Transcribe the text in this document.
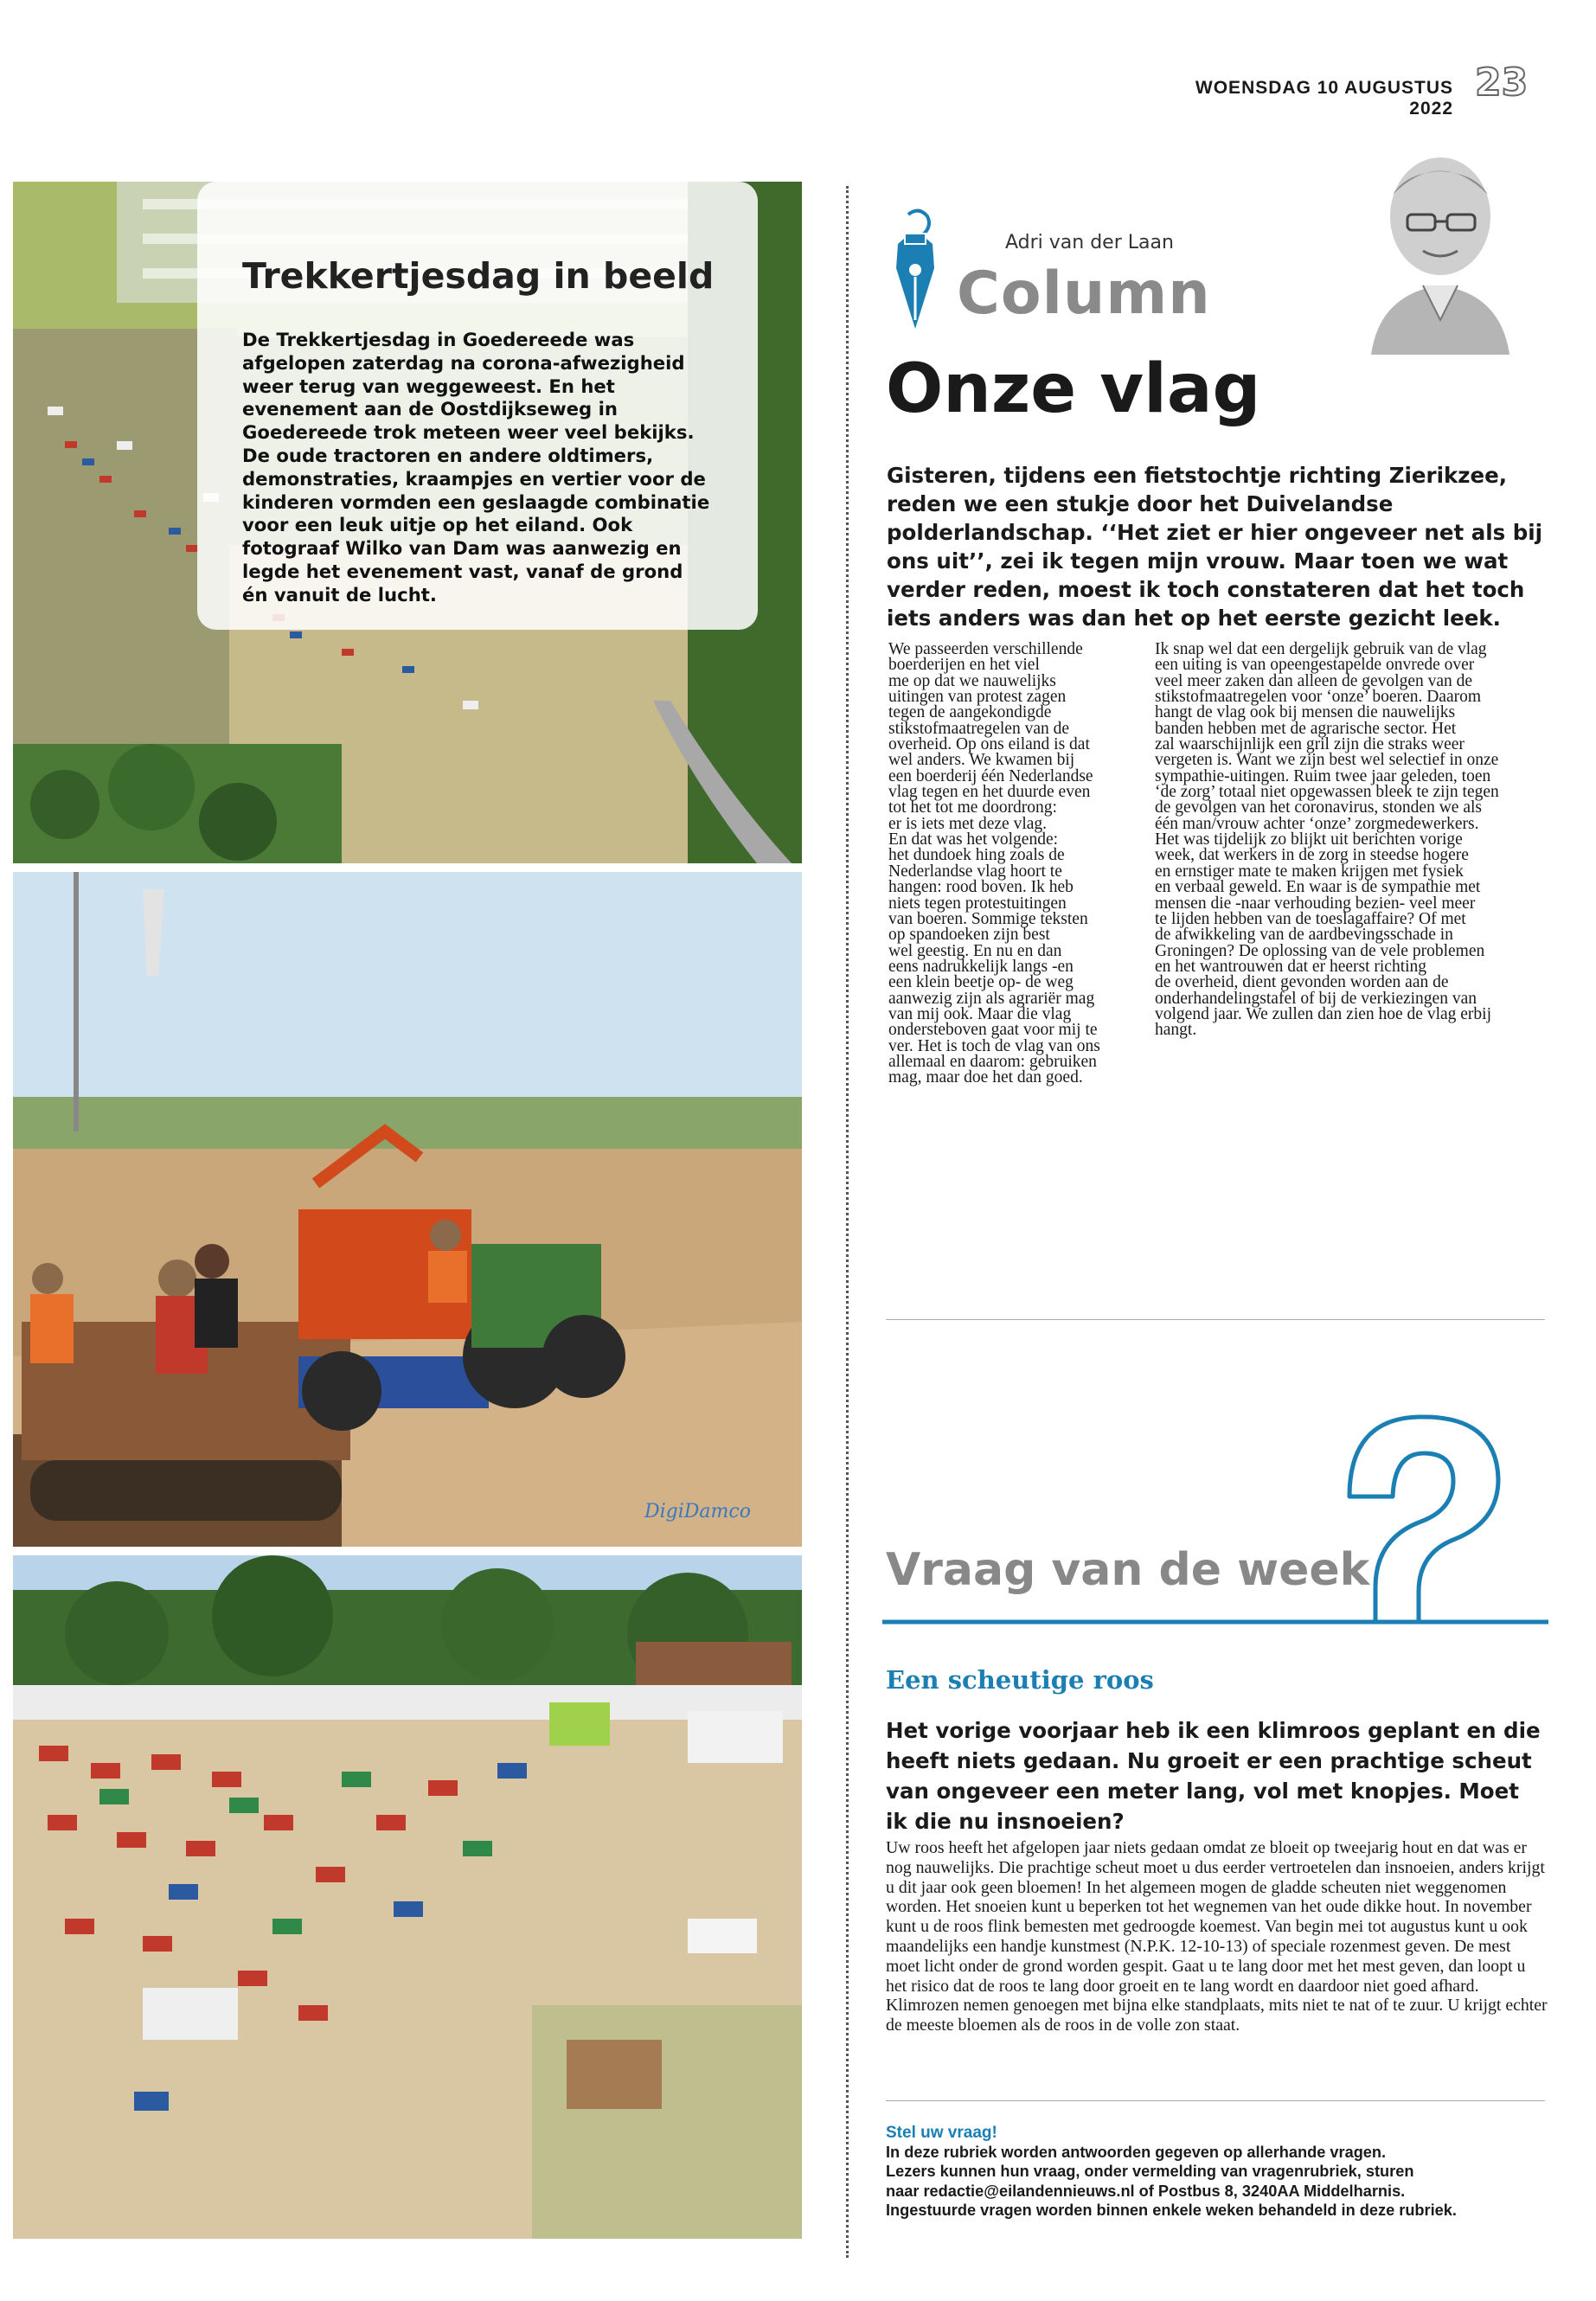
WOENSDAG 10 AUGUSTUS 2022
23
Trekkertjesdag in beeld
De Trekkertjesdag in Goedereede was afgelopen zaterdag na corona-afwezigheid weer terug van weggeweest. En het evenement aan de Oostdijkseweg in Goedereede trok meteen weer veel bekijks. De oude tractoren en andere oldtimers, demonstraties, kraampjes en vertier voor de kinderen vormden een geslaagde combinatie voor een leuk uitje op het eiland. Ook fotograaf Wilko van Dam was aanwezig en legde het evenement vast, vanaf de grond én vanuit de lucht.
DigiDamco
Adri van der Laan
Column
Onze vlag
Gisteren, tijdens een fietstochtje richting Zierikzee, reden we een stukje door het Duivelandse polderlandschap. ‘‘Het ziet er hier ongeveer net als bij ons uit’’, zei ik tegen mijn vrouw. Maar toen we wat verder reden, moest ik toch constateren dat het toch iets anders was dan het op het eerste gezicht leek.

We passeerden verschillende

boerderijen en het viel

me op dat we nauwelijks

uitingen van protest zagen

tegen de aangekondigde

stikstofmaatregelen van de

overheid. Op ons eiland is dat

wel anders. We kwamen bij

een boerderij één Nederlandse

vlag tegen en het duurde even

tot het tot me doordrong:

er is iets met deze vlag.

En dat was het volgende:

het dundoek hing zoals de

Nederlandse vlag hoort te

hangen: rood boven. Ik heb

niets tegen protestuitingen

van boeren. Sommige teksten

op spandoeken zijn best

wel geestig. En nu en dan

eens nadrukkelijk langs -en

een klein beetje op- de weg

aanwezig zijn als agrariër mag

van mij ook. Maar die vlag

ondersteboven gaat voor mij te

ver. Het is toch de vlag van ons

allemaal en daarom: gebruiken

mag, maar doe het dan goed.

Ik snap wel dat een dergelijk gebruik van de vlag

een uiting is van opeengestapelde onvrede over

veel meer zaken dan alleen de gevolgen van de

stikstofmaatregelen voor ‘onze’ boeren. Daarom

hangt de vlag ook bij mensen die nauwelijks

banden hebben met de agrarische sector. Het

zal waarschijnlijk een gril zijn die straks weer

vergeten is. Want we zijn best wel selectief in onze

sympathie-uitingen. Ruim twee jaar geleden, toen

‘de zorg’ totaal niet opgewassen bleek te zijn tegen

de gevolgen van het coronavirus, stonden we als

één man/vrouw achter ‘onze’ zorgmedewerkers.

Het was tijdelijk zo blijkt uit berichten vorige

week, dat werkers in de zorg in steedse hogere

en ernstiger mate te maken krijgen met fysiek

en verbaal geweld. En waar is de sympathie met

mensen die -naar verhouding bezien- veel meer

te lijden hebben van de toeslagaffaire? Of met

de afwikkeling van de aardbevingsschade in

Groningen? De oplossing van de vele problemen

en het wantrouwen dat er heerst richting

de overheid, dient gevonden worden aan de

onderhandelingstafel of bij de verkiezingen van

volgend jaar. We zullen dan zien hoe de vlag erbij

hangt.

Vraag van de week
Een scheutige roos
Het vorige voorjaar heb ik een klimroos geplant en die heeft niets gedaan. Nu groeit er een prachtige scheut van ongeveer een meter lang, vol met knopjes. Moet ik die nu insnoeien?
Uw roos heeft het afgelopen jaar niets gedaan omdat ze bloeit op tweejarig hout en dat was er nog nauwelijks. Die prachtige scheut moet u dus eerder vertroetelen dan insnoeien, anders krijgt u dit jaar ook geen bloemen! In het algemeen mogen de gladde scheuten niet weggenomen worden. Het snoeien kunt u beperken tot het wegnemen van het oude dikke hout. In november kunt u de roos flink bemesten met gedroogde koemest. Van begin mei tot augustus kunt u ook maandelijks een handje kunstmest (N.P.K. 12-10-13) of speciale rozenmest geven. De mest moet licht onder de grond worden gespit. Gaat u te lang door met het mest geven, dan loopt u het risico dat de roos te lang door groeit en te lang wordt en daardoor niet goed afhard. Klimrozen nemen genoegen met bijna elke standplaats, mits niet te nat of te zuur. U krijgt echter de meeste bloemen als de roos in de volle zon staat.
Stel uw vraag!
In deze rubriek worden antwoorden gegeven op allerhande vragen.
Lezers kunnen hun vraag, onder vermelding van vragenrubriek, sturen
naar redactie@eilandennieuws.nl of Postbus 8, 3240AA Middelharnis.
Ingestuurde vragen worden binnen enkele weken behandeld in deze rubriek.
